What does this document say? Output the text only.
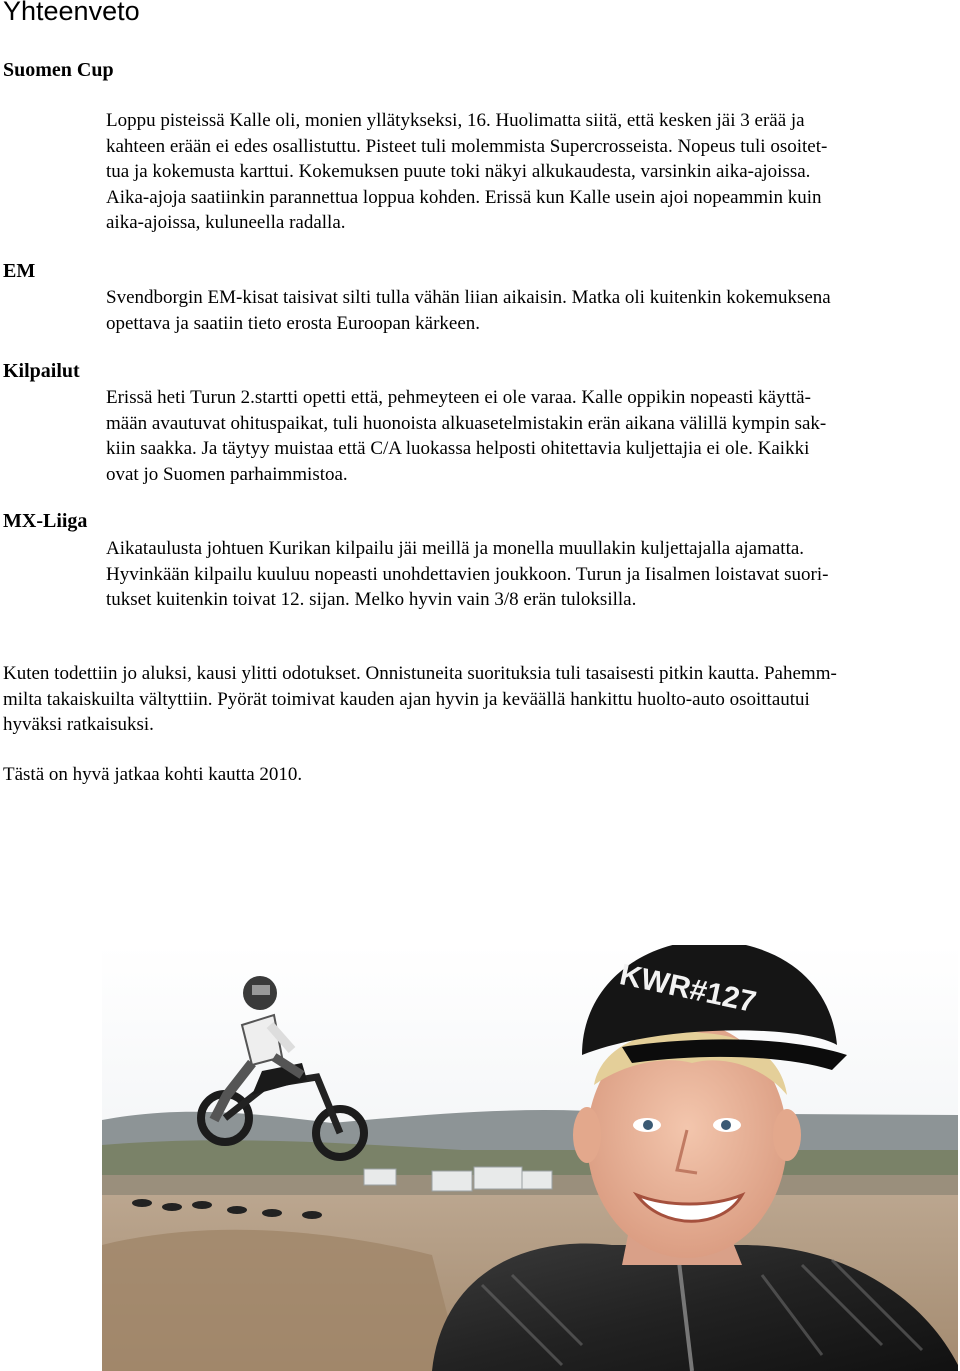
Yhteenveto
Suomen Cup
EM
Kilpailut
MX-Liiga
Loppu pisteissä Kalle oli, monien yllätykseksi, 16. Huolimatta siitä, että kesken jäi 3 erää ja
kahteen erään ei edes osallistuttu. Pisteet tuli molemmista Supercrosseista. Nopeus tuli osoitet-
tua ja kokemusta karttui. Kokemuksen puute toki näkyi alkukaudesta, varsinkin aika-ajoissa.
Aika-ajoja saatiinkin parannettua loppua kohden. Erissä kun Kalle usein ajoi nopeammin kuin
aika-ajoissa, kuluneella radalla.
Svendborgin EM-kisat taisivat silti tulla vähän liian aikaisin. Matka oli kuitenkin kokemuksena
opettava ja saatiin tieto erosta Euroopan kärkeen.
Erissä heti Turun 2.startti opetti että, pehmeyteen ei ole varaa. Kalle oppikin nopeasti käyttä-
mään avautuvat ohituspaikat, tuli huonoista alkuasetelmistakin erän aikana välillä kympin sak-
kiin saakka. Ja täytyy muistaa että C/A luokassa helposti ohitettavia kuljettajia ei ole. Kaikki
ovat jo Suomen parhaimmistoa.
Aikataulusta johtuen Kurikan kilpailu jäi meillä ja monella muullakin kuljettajalla ajamatta.
Hyvinkään kilpailu kuuluu nopeasti unohdettavien joukkoon. Turun ja Iisalmen loistavat suori-
tukset kuitenkin toivat 12. sijan. Melko hyvin vain 3/8 erän tuloksilla.
Kuten todettiin jo aluksi, kausi ylitti odotukset. Onnistuneita suorituksia tuli tasaisesti pitkin kautta. Pahemm-
milta takaiskuilta vältyttiin. Pyörät toimivat kauden ajan hyvin ja keväällä hankittu huolto-auto osoittautui
hyväksi ratkaisuksi.
Tästä on hyvä jatkaa kohti kautta 2010.
KWR#127
